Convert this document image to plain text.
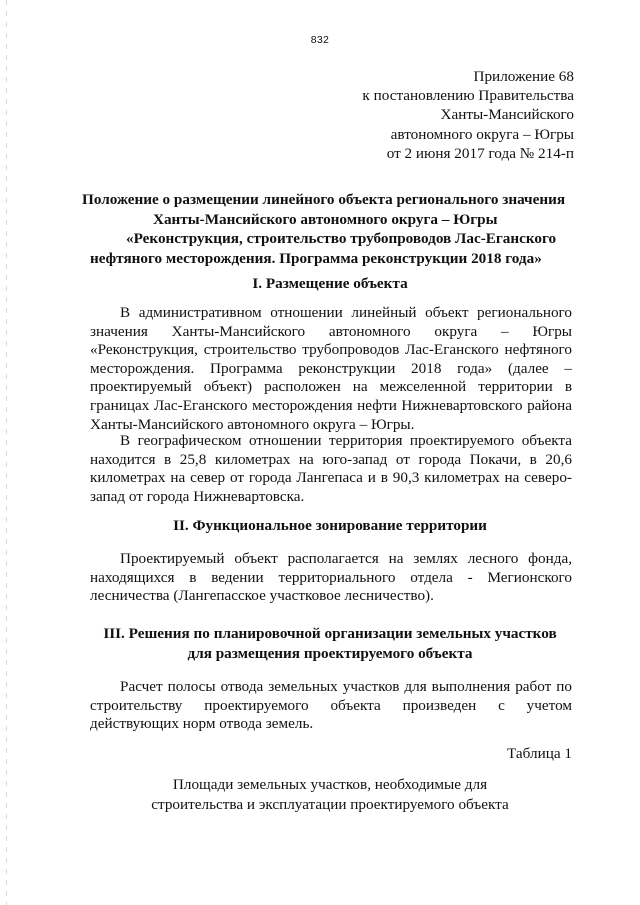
832
Приложение 68
к постановлению Правительства
Ханты-Мансийского
автономного округа – Югры
от 2 июня 2017 года № 214-п
Положение о размещении линейного объекта регионального значения
Ханты-Мансийского автономного округа – Югры
«Реконструкция, строительство трубопроводов Лас-Еганского
нефтяного месторождения. Программа реконструкции 2018 года»
I. Размещение объекта
В административном отношении линейный объект регионального значения Ханты-Мансийского автономного округа – Югры «Реконструкция, строительство трубопроводов Лас-Еганского нефтяного месторождения. Программа реконструкции 2018 года» (далее – проектируемый объект) расположен на межселенной территории в границах Лас-Еганского месторождения нефти Нижневартовского района Ханты-Мансийского автономного округа – Югры.
В географическом отношении территория проектируемого объекта находится в 25,8 километрах на юго-запад от города Покачи, в 20,6 километрах на север от города Лангепаса и в 90,3 километрах на северо-запад от города Нижневартовска.
II. Функциональное зонирование территории
Проектируемый объект располагается на землях лесного фонда, находящихся в ведении территориального отдела - Мегионского лесничества (Лангепасское участковое лесничество).
III. Решения по планировочной организации земельных участков
для размещения проектируемого объекта
Расчет полосы отвода земельных участков для выполнения работ по строительству проектируемого объекта произведен с учетом действующих норм отвода земель.
Таблица 1
Площади земельных участков, необходимые для
строительства и эксплуатации проектируемого объекта
